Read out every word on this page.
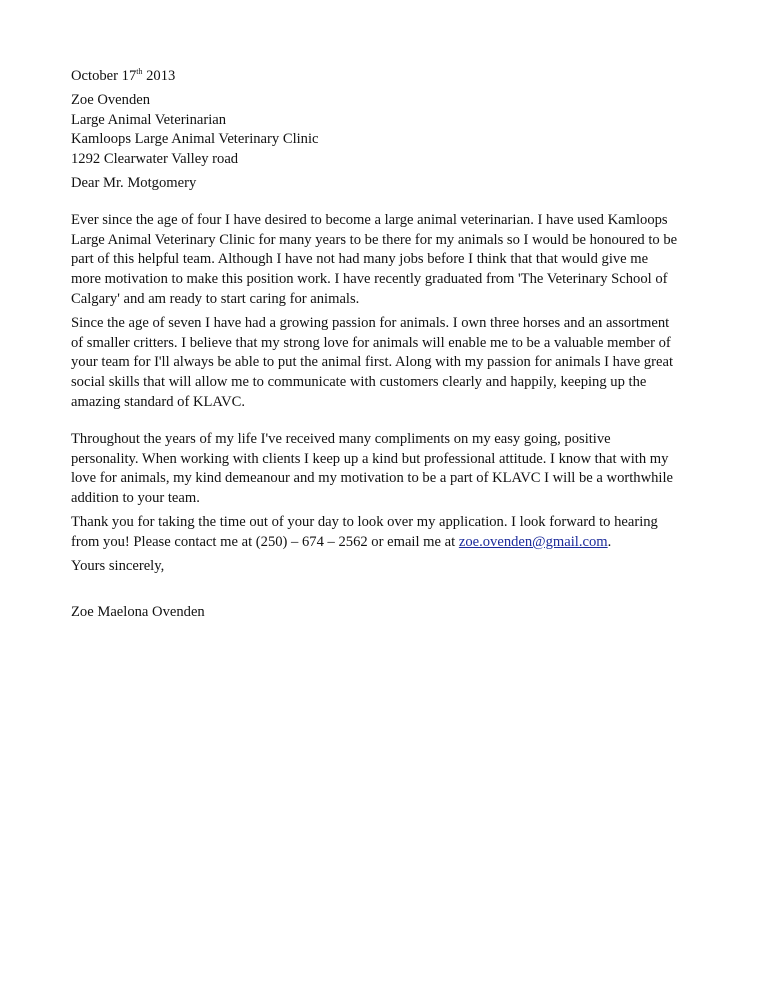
October 17th 2013

Zoe Ovenden
Large Animal Veterinarian
Kamloops Large Animal Veterinary Clinic
1292 Clearwater Valley road

Dear Mr. Motgomery

Ever since the age of four I have desired to become a large animal veterinarian. I have used Kamloops
Large Animal Veterinary Clinic for many years to be there for my animals so I would be honoured to be
part of this helpful team. Although I have not had many jobs before I think that that would give me
more motivation to make this position work. I have recently graduated from 'The Veterinary School of
Calgary' and am ready to start caring for animals.

Since the age of seven I have had a growing passion for animals. I own three horses and an assortment
of smaller critters. I believe that my strong love for animals will enable me to be a valuable member of
your team for I'll always be able to put the animal first. Along with my passion for animals I have great
social skills that will allow me to communicate with customers clearly and happily, keeping up the
amazing standard of KLAVC.

Throughout the years of my life I've received many compliments on my easy going, positive
personality. When working with clients I keep up a kind but professional attitude. I know that with my
love for animals, my kind demeanour and my motivation to be a part of KLAVC I will be a worthwhile
addition to your team.

Thank you for taking the time out of your day to look over my application. I look forward to hearing
from you! Please contact me at (250) – 674 – 2562 or email me at zoe.ovenden@gmail.com.

Yours sincerely,

Zoe Maelona Ovenden
